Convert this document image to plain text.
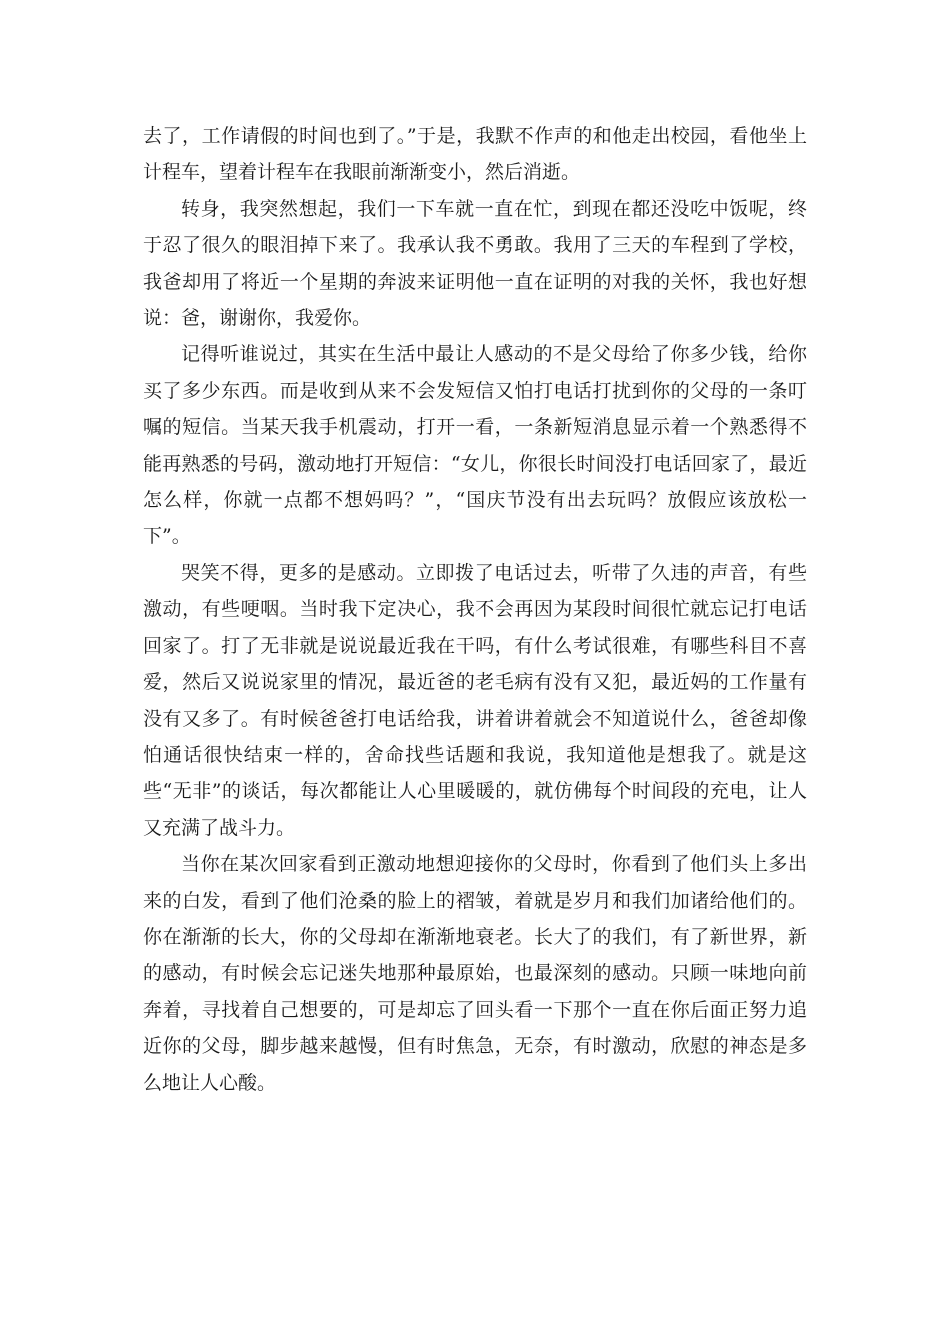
去了，工作请假的时间也到了。”于是，我默不作声的和他走出校园，看他坐上计程车，望着计程车在我眼前渐渐变小，然后消逝。

转身，我突然想起，我们一下车就一直在忙，到现在都还没吃中饭呢，终于忍了很久的眼泪掉下来了。我承认我不勇敢。我用了三天的车程到了学校，我爸却用了将近一个星期的奔波来证明他一直在证明的对我的关怀，我也好想说：爸，谢谢你，我爱你。

记得听谁说过，其实在生活中最让人感动的不是父母给了你多少钱，给你买了多少东西。而是收到从来不会发短信又怕打电话打扰到你的父母的一条叮嘱的短信。当某天我手机震动，打开一看，一条新短消息显示着一个熟悉得不能再熟悉的号码，激动地打开短信：“女儿，你很长时间没打电话回家了，最近怎么样，你就一点都不想妈吗？”，“国庆节没有出去玩吗？放假应该放松一下”。

哭笑不得，更多的是感动。立即拨了电话过去，听带了久违的声音，有些激动，有些哽咽。当时我下定决心，我不会再因为某段时间很忙就忘记打电话回家了。打了无非就是说说最近我在干吗，有什么考试很难，有哪些科目不喜爱，然后又说说家里的情况，最近爸的老毛病有没有又犯，最近妈的工作量有没有又多了。有时候爸爸打电话给我，讲着讲着就会不知道说什么，爸爸却像怕通话很快结束一样的，舍命找些话题和我说，我知道他是想我了。就是这些“无非”的谈话，每次都能让人心里暖暖的，就仿佛每个时间段的充电，让人又充满了战斗力。

当你在某次回家看到正激动地想迎接你的父母时，你看到了他们头上多出来的白发，看到了他们沧桑的脸上的褶皱，着就是岁月和我们加诸给他们的。你在渐渐的长大，你的父母却在渐渐地衰老。长大了的我们，有了新世界，新的感动，有时候会忘记迷失地那种最原始，也最深刻的感动。只顾一味地向前奔着，寻找着自己想要的，可是却忘了回头看一下那个一直在你后面正努力追近你的父母，脚步越来越慢，但有时焦急，无奈，有时激动，欣慰的神态是多么地让人心酸。
